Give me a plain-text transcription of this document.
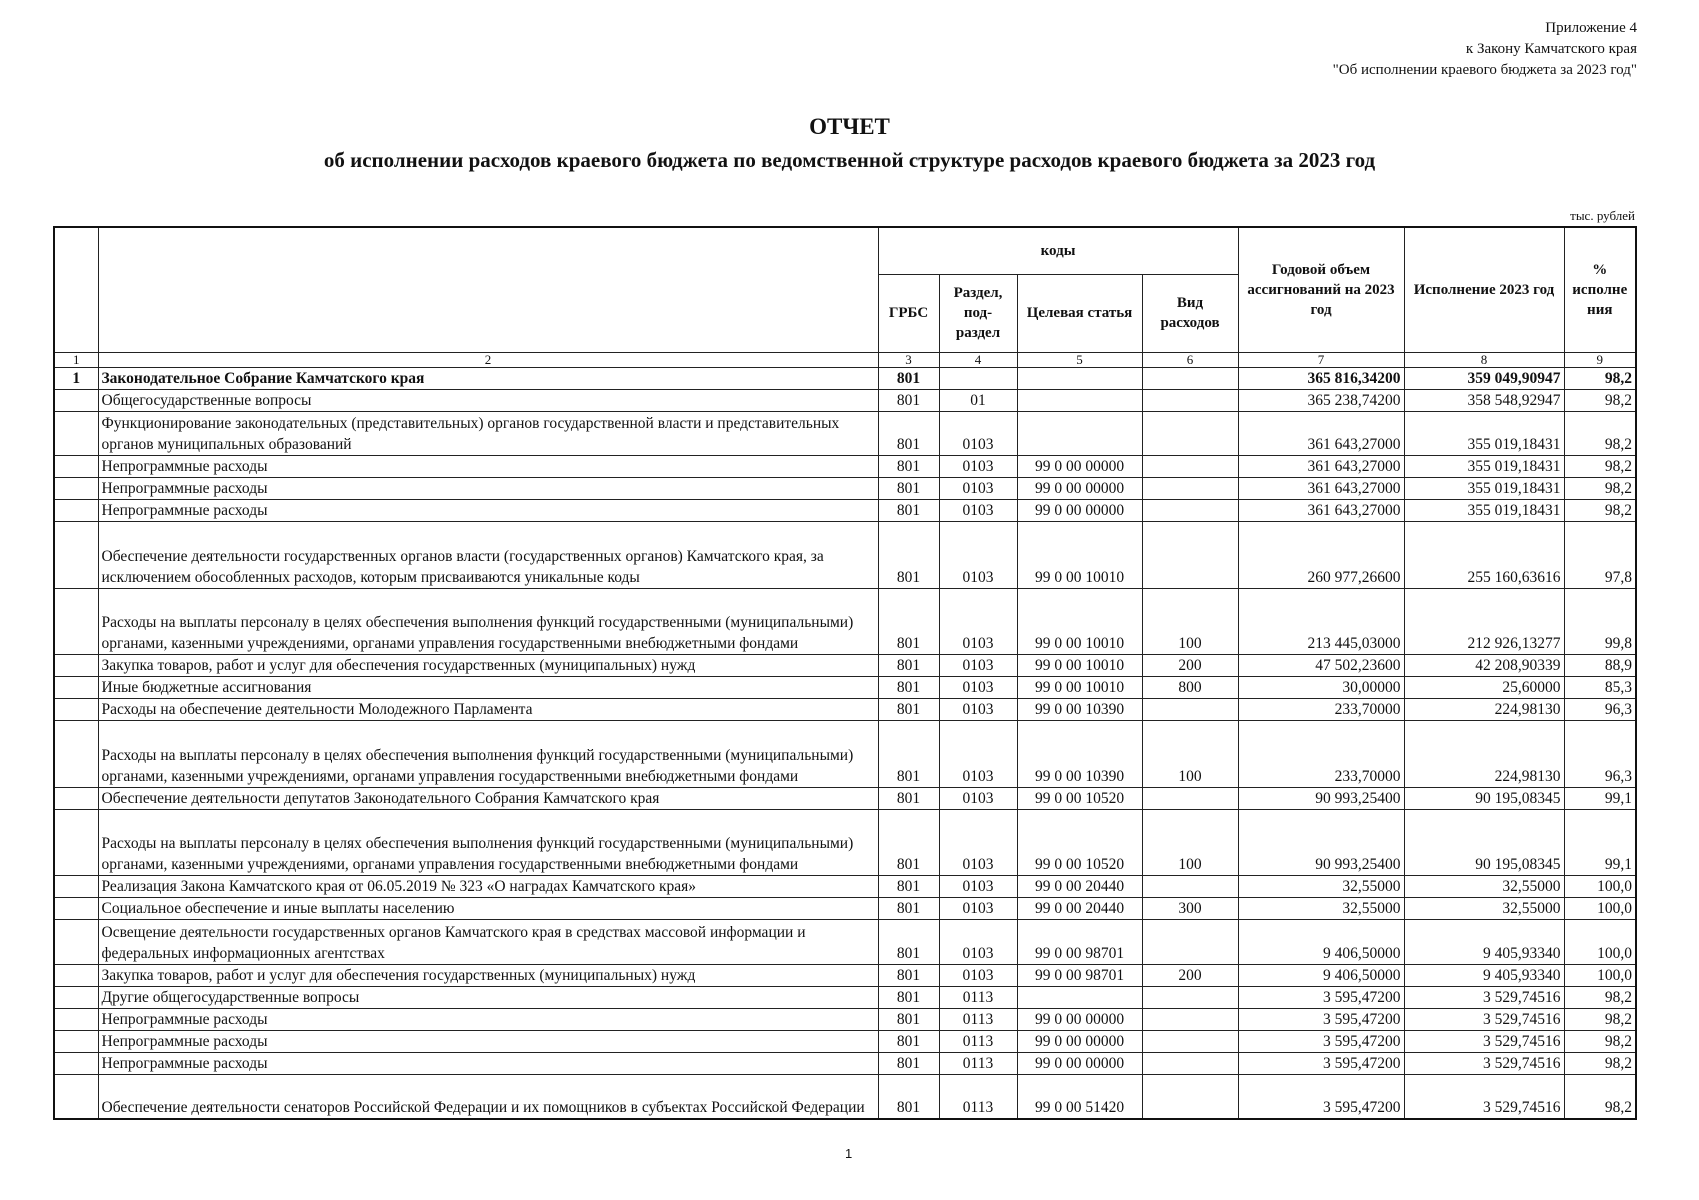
Приложение 4
к Закону Камчатского края
"Об исполнении краевого бюджета за 2023 год"
ОТЧЕТ
об исполнении расходов краевого бюджета по ведомственной структуре расходов краевого бюджета за 2023 год
тыс. рублей
		коды				Годовой объем ассигнований на 2023 год	Исполнение 2023 год	% исполне ния
		ГРБС	Раздел, под-раздел	Целевая статья	Вид расходов			
1	2	3	4	5	6	7	8	9
1	Законодательное Собрание Камчатского края	801				365 816,34200	359 049,90947	98,2
	Общегосударственные вопросы	801	01			365 238,74200	358 548,92947	98,2
	Функционирование законодательных (представительных) органов государственной власти и представительных органов муниципальных образований	801	0103			361 643,27000	355 019,18431	98,2
	Непрограммные расходы	801	0103	99 0 00 00000		361 643,27000	355 019,18431	98,2
	Непрограммные расходы	801	0103	99 0 00 00000		361 643,27000	355 019,18431	98,2
	Непрограммные расходы	801	0103	99 0 00 00000		361 643,27000	355 019,18431	98,2
	Обеспечение деятельности государственных органов власти (государственных органов) Камчатского края, за исключением обособленных расходов, которым присваиваются уникальные коды	801	0103	99 0 00 10010		260 977,26600	255 160,63616	97,8
	Расходы на выплаты персоналу в целях обеспечения выполнения функций государственными (муниципальными) органами, казенными учреждениями, органами управления государственными внебюджетными фондами	801	0103	99 0 00 10010	100	213 445,03000	212 926,13277	99,8
	Закупка товаров, работ и услуг для обеспечения государственных (муниципальных) нужд	801	0103	99 0 00 10010	200	47 502,23600	42 208,90339	88,9
	Иные бюджетные ассигнования	801	0103	99 0 00 10010	800	30,00000	25,60000	85,3
	Расходы на обеспечение деятельности Молодежного Парламента	801	0103	99 0 00 10390		233,70000	224,98130	96,3
	Расходы на выплаты персоналу в целях обеспечения выполнения функций государственными (муниципальными) органами, казенными учреждениями, органами управления государственными внебюджетными фондами	801	0103	99 0 00 10390	100	233,70000	224,98130	96,3
	Обеспечение деятельности депутатов Законодательного Собрания Камчатского края	801	0103	99 0 00 10520		90 993,25400	90 195,08345	99,1
	Расходы на выплаты персоналу в целях обеспечения выполнения функций государственными (муниципальными) органами, казенными учреждениями, органами управления государственными внебюджетными фондами	801	0103	99 0 00 10520	100	90 993,25400	90 195,08345	99,1
	Реализация Закона Камчатского края от 06.05.2019 № 323 «О наградах Камчатского края»	801	0103	99 0 00 20440		32,55000	32,55000	100,0
	Социальное обеспечение и иные выплаты населению	801	0103	99 0 00 20440	300	32,55000	32,55000	100,0
	Освещение деятельности государственных органов Камчатского края в средствах массовой информации и федеральных информационных агентствах	801	0103	99 0 00 98701		9 406,50000	9 405,93340	100,0
	Закупка товаров, работ и услуг для обеспечения государственных (муниципальных) нужд	801	0103	99 0 00 98701	200	9 406,50000	9 405,93340	100,0
	Другие общегосударственные вопросы	801	0113			3 595,47200	3 529,74516	98,2
	Непрограммные расходы	801	0113	99 0 00 00000		3 595,47200	3 529,74516	98,2
	Непрограммные расходы	801	0113	99 0 00 00000		3 595,47200	3 529,74516	98,2
	Непрограммные расходы	801	0113	99 0 00 00000		3 595,47200	3 529,74516	98,2
	Обеспечение деятельности сенаторов Российской Федерации и их помощников в субъектах Российской Федерации	801	0113	99 0 00 51420		3 595,47200	3 529,74516	98,2
1
